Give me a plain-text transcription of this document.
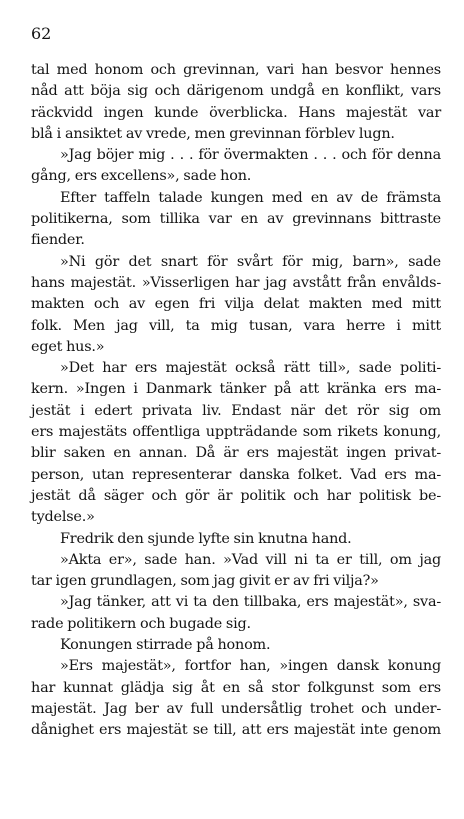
62
tal med honom och grevinnan, vari han besvor hennes
nåd att böja sig och därigenom undgå en konflikt, vars
räckvidd ingen kunde överblicka. Hans majestät var
blå i ansiktet av vrede, men grevinnan förblev lugn.
»Jag böjer mig . . . för övermakten . . . och för denna
gång, ers excellens», sade hon.
Efter taffeln talade kungen med en av de främsta
politikerna, som tillika var en av grevinnans bittraste
fiender.
»Ni gör det snart för svårt för mig, barn», sade
hans majestät. »Visserligen har jag avstått från envålds-
makten och av egen fri vilja delat makten med mitt
folk. Men jag vill, ta mig tusan, vara herre i mitt
eget hus.»
»Det har ers majestät också rätt till», sade politi-
kern. »Ingen i Danmark tänker på att kränka ers ma-
jestät i edert privata liv. Endast när det rör sig om
ers majestäts offentliga uppträdande som rikets konung,
blir saken en annan. Då är ers majestät ingen privat-
person, utan representerar danska folket. Vad ers ma-
jestät då säger och gör är politik och har politisk be-
tydelse.»
Fredrik den sjunde lyfte sin knutna hand.
»Akta er», sade han. »Vad vill ni ta er till, om jag
tar igen grundlagen, som jag givit er av fri vilja?»
»Jag tänker, att vi ta den tillbaka, ers majestät», sva-
rade politikern och bugade sig.
Konungen stirrade på honom.
»Ers majestät», fortfor han, »ingen dansk konung
har kunnat glädja sig åt en så stor folkgunst som ers
majestät. Jag ber av full undersåtlig trohet och under-
dånighet ers majestät se till, att ers majestät inte genom
